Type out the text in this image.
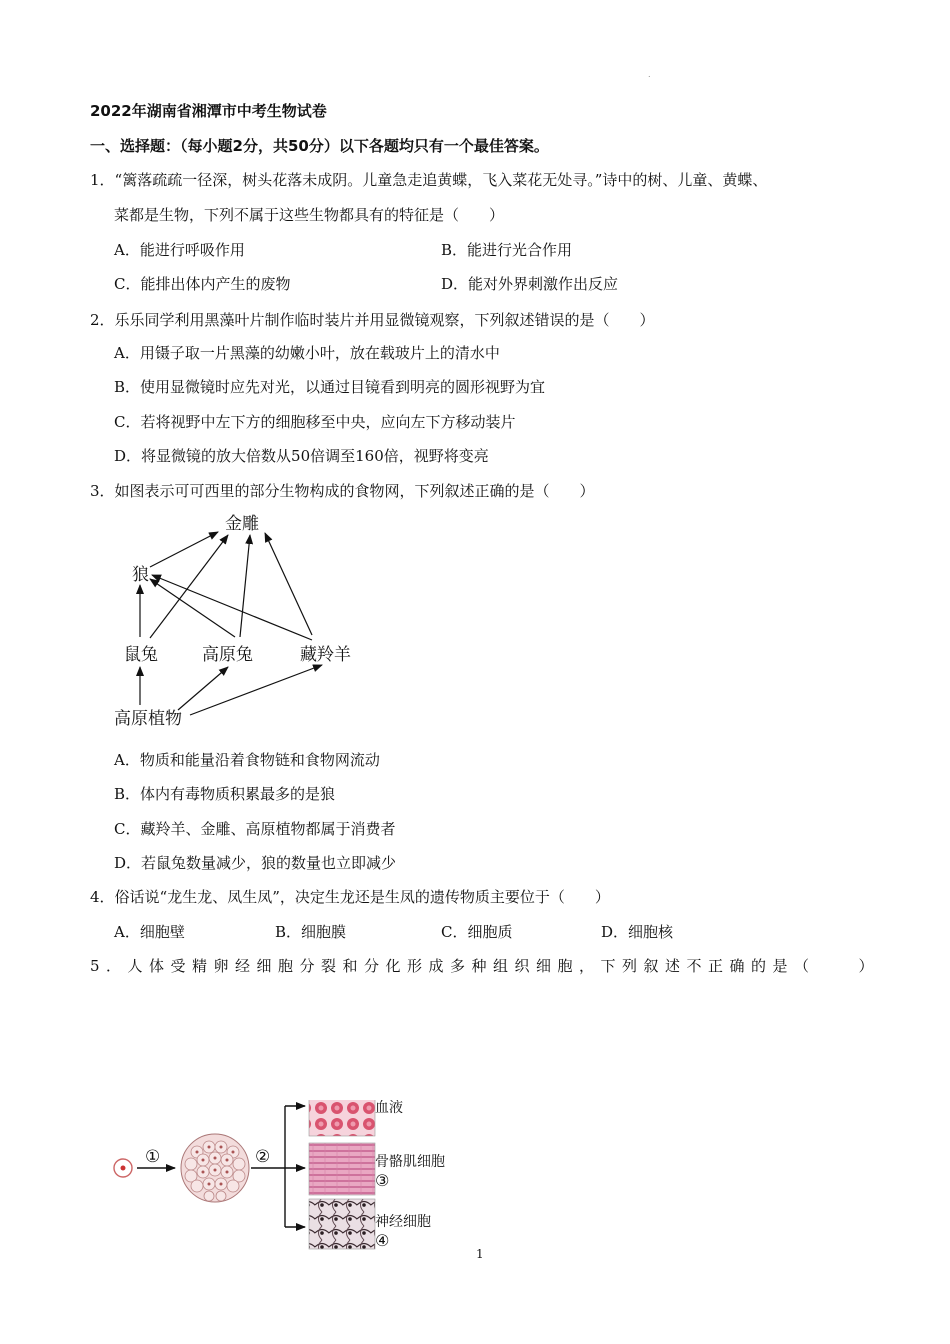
.
2022年湖南省湘潭市中考生物试卷
一、选择题：（每小题2分，共50分）以下各题均只有一个最佳答案。
1．“篱落疏疏一径深，树头花落未成阴。儿童急走追黄蝶，飞入菜花无处寻。”诗中的树、儿童、黄蝶、
菜都是生物，下列不属于这些生物都具有的特征是（　　）
A．能进行呼吸作用	B．能进行光合作用
C．能排出体内产生的废物	D．能对外界刺激作出反应
2．乐乐同学利用黑藻叶片制作临时装片并用显微镜观察，下列叙述错误的是（　　）
A．用镊子取一片黑藻的幼嫩小叶，放在载玻片上的清水中
B．使用显微镜时应先对光，以通过目镜看到明亮的圆形视野为宜
C．若将视野中左下方的细胞移至中央，应向左下方移动装片
D．将显微镜的放大倍数从50倍调至160倍，视野将变亮
3．如图表示可可西里的部分生物构成的食物网，下列叙述正确的是（　　）
金雕
狼
鼠兔	高原兔	藏羚羊
高原植物
A．物质和能量沿着食物链和食物网流动
B．体内有毒物质积累最多的是狼
C．藏羚羊、金雕、高原植物都属于消费者
D．若鼠兔数量减少，狼的数量也立即减少
4．俗话说“龙生龙、凤生凤”，决定生龙还是生凤的遗传物质主要位于（　　）
A．细胞壁	B．细胞膜	C．细胞质	D．细胞核
5．人体受精卵经细胞分裂和分化形成多种组织细胞，下列叙述不正确的是（　　）
①	②
血液
骨骼肌细胞
③
神经细胞
④
1
